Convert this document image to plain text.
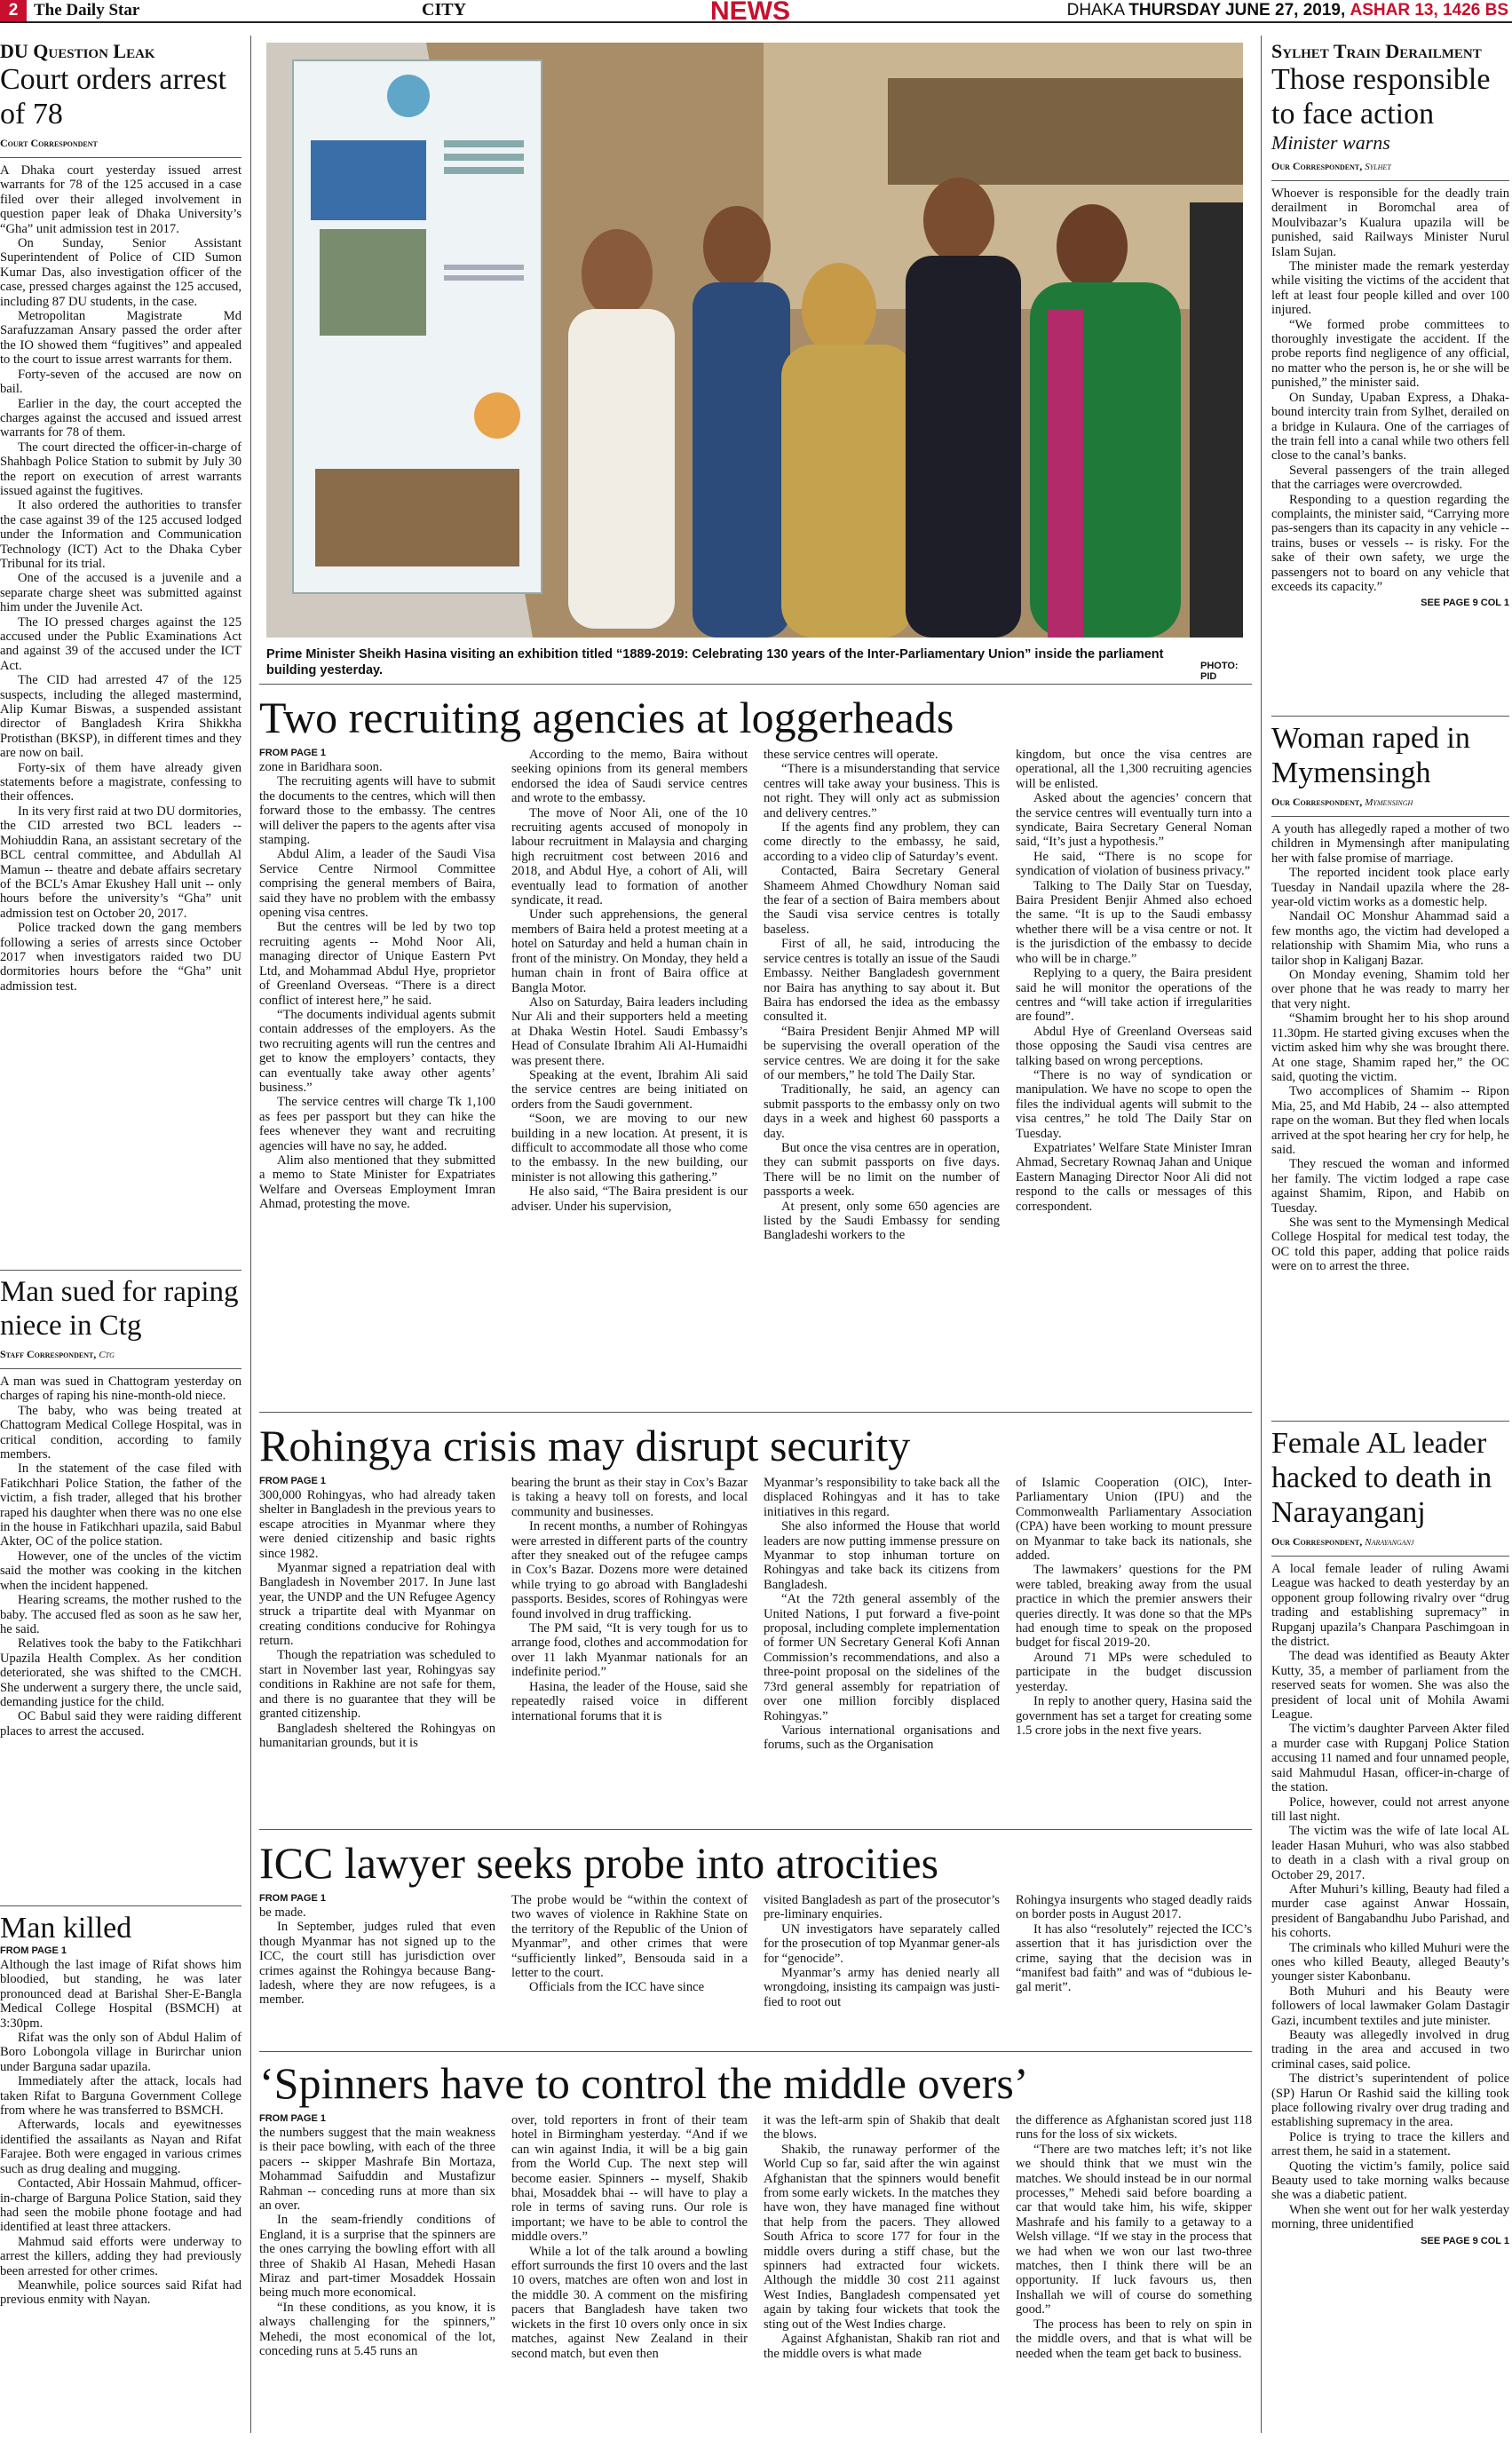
2 The Daily Star	CITY	NEWS	DHAKA THURSDAY JUNE 27, 2019, ASHAR 13, 1426 BS
DU Question Leak
Court orders arrest of 78
Court Correspondent

A Dhaka court yesterday issued arrest warrants for 78 of the 125 accused in a case filed over their alleged involvement in question paper leak of Dhaka University’s “Gha” unit admission test in 2017.

On Sunday, Senior Assistant Superintendent of Police of CID Sumon Kumar Das, also investigation officer of the case, pressed charges against the 125 accused, including 87 DU students, in the case.

Metropolitan Magistrate Md Sarafuzzaman Ansary passed the order after the IO showed them “fugitives” and appealed to the court to issue arrest warrants for them.

Forty-seven of the accused are now on bail.

Earlier in the day, the court accepted the charges against the accused and issued arrest warrants for 78 of them.

The court directed the officer-in-charge of Shahbagh Police Station to submit by July 30 the report on execution of arrest warrants issued against the fugitives.

It also ordered the authorities to transfer the case against 39 of the 125 accused lodged under the Information and Communication Technology (ICT) Act to the Dhaka Cyber Tribunal for its trial.

One of the accused is a juvenile and a separate charge sheet was submitted against him under the Juvenile Act.

The IO pressed charges against the 125 accused under the Public Examinations Act and against 39 of the accused under the ICT Act.

The CID had arrested 47 of the 125 suspects, including the alleged mastermind, Alip Kumar Biswas, a suspended assistant director of Bangladesh Krira Shikkha Protisthan (BKSP), in different times and they are now on bail.

Forty-six of them have already given statements before a magistrate, confessing to their offences.

In its very first raid at two DU dormitories, the CID arrested two BCL leaders -- Mohiuddin Rana, an assistant secretary of the BCL central committee, and Abdullah Al Mamun -- theatre and debate affairs secretary of the BCL’s Amar Ekushey Hall unit -- only hours before the university’s “Gha” unit admission test on October 20, 2017.

Police tracked down the gang members following a series of arrests since October 2017 when investigators raided two DU dormitories hours before the “Gha” unit admission test.

Man sued for raping niece in Ctg
Staff Correspondent, Ctg

A man was sued in Chattogram yesterday on charges of raping his nine-month-old niece.

The baby, who was being treated at Chattogram Medical College Hospital, was in critical condition, according to family members.

In the statement of the case filed with Fatikchhari Police Station, the father of the victim, a fish trader, alleged that his brother raped his daughter when there was no one else in the house in Fatikchhari upazila, said Babul Akter, OC of the police station.

However, one of the uncles of the victim said the mother was cooking in the kitchen when the incident happened.

Hearing screams, the mother rushed to the baby. The accused fled as soon as he saw her, he said.

Relatives took the baby to the Fatikchhari Upazila Health Complex. As her condition deteriorated, she was shifted to the CMCH. She underwent a surgery there, the uncle said, demanding justice for the child.

OC Babul said they were raiding different places to arrest the accused.

Man killed
FROM PAGE 1

Although the last image of Rifat shows him bloodied, but standing, he was later pronounced dead at Barishal Sher-E-Bangla Medical College Hospital (BSMCH) at 3:30pm.

Rifat was the only son of Abdul Halim of Boro Lobongola village in Burirchar union under Barguna sadar upazila.

Immediately after the attack, locals had taken Rifat to Barguna Government College from where he was transferred to BSMCH.

Afterwards, locals and eyewitnesses identified the assailants as Nayan and Rifat Farajee. Both were engaged in various crimes such as drug dealing and mugging.

Contacted, Abir Hossain Mahmud, officer-in-charge of Barguna Police Station, said they had seen the mobile phone footage and had identified at least three attackers.

Mahmud said efforts were underway to arrest the killers, adding they had previously been arrested for other crimes.

Meanwhile, police sources said Rifat had previous enmity with Nayan.

Prime Minister Sheikh Hasina visiting an exhibition titled “1889-2019: Celebrating 130 years of the Inter-Parliamentary Union” inside the parliament building yesterday.	PHOTO:
PID
Two recruiting agencies at loggerheads
FROM PAGE 1

zone in Baridhara soon.

The recruiting agents will have to submit the documents to the centres, which will then forward those to the embassy. The centres will deliver the papers to the agents after visa stamping.

Abdul Alim, a leader of the Saudi Visa Service Centre Nirmool Committee comprising the general members of Baira, said they have no problem with the embassy opening visa centres.

But the centres will be led by two top recruiting agents -- Mohd Noor Ali, managing director of Unique Eastern Pvt Ltd, and Mohammad Abdul Hye, proprietor of Greenland Overseas. “There is a direct conflict of interest here,” he said.

“The documents individual agents submit contain addresses of the employers. As the two recruiting agents will run the centres and get to know the employers’ contacts, they can eventually take away other agents’ business.”

The service centres will charge Tk 1,100 as fees per passport but they can hike the fees whenever they want and recruiting agencies will have no say, he added.

Alim also mentioned that they submitted a memo to State Minister for Expatriates Welfare and Overseas Employment Imran Ahmad, protesting the move.

According to the memo, Baira without seeking opinions from its general members endorsed the idea of Saudi service centres and wrote to the embassy.

The move of Noor Ali, one of the 10 recruiting agents accused of monopoly in labour recruitment in Malaysia and charging high recruitment cost between 2016 and 2018, and Abdul Hye, a cohort of Ali, will eventually lead to formation of another syndicate, it read.

Under such apprehensions, the general members of Baira held a protest meeting at a hotel on Saturday and held a human chain in front of the ministry. On Monday, they held a human chain in front of Baira office at Bangla Motor.

Also on Saturday, Baira leaders including Nur Ali and their supporters held a meeting at Dhaka Westin Hotel. Saudi Embassy’s Head of Consulate Ibrahim Ali Al-Humaidhi was present there.

Speaking at the event, Ibrahim Ali said the service centres are being initiated on orders from the Saudi government.

“Soon, we are moving to our new building in a new location. At present, it is difficult to accommodate all those who come to the embassy. In the new building, our minister is not allowing this gathering.”

He also said, “The Baira president is our adviser. Under his supervision,

these service centres will operate.

“There is a misunderstanding that service centres will take away your business. This is not right. They will only act as submission and delivery centres.”

If the agents find any problem, they can come directly to the embassy, he said, according to a video clip of Saturday’s event.

Contacted, Baira Secretary General Shameem Ahmed Chowdhury Noman said the fear of a section of Baira members about the Saudi visa service centres is totally baseless.

First of all, he said, introducing the service centres is totally an issue of the Saudi Embassy. Neither Bangladesh government nor Baira has anything to say about it. But Baira has endorsed the idea as the embassy consulted it.

“Baira President Benjir Ahmed MP will be supervising the overall operation of the service centres. We are doing it for the sake of our members,” he told The Daily Star.

Traditionally, he said, an agency can submit passports to the embassy only on two days in a week and highest 60 passports a day.

But once the visa centres are in operation, they can submit passports on five days. There will be no limit on the number of passports a week.

At present, only some 650 agencies are listed by the Saudi Embassy for sending Bangladeshi workers to the

kingdom, but once the visa centres are operational, all the 1,300 recruiting agencies will be enlisted.

Asked about the agencies’ concern that the service centres will eventually turn into a syndicate, Baira Secretary General Noman said, “It’s just a hypothesis.”

He said, “There is no scope for syndication of violation of business privacy.”

Talking to The Daily Star on Tuesday, Baira President Benjir Ahmed also echoed the same. “It is up to the Saudi embassy whether there will be a visa centre or not. It is the jurisdiction of the embassy to decide who will be in charge.”

Replying to a query, the Baira president said he will monitor the operations of the centres and “will take action if irregularities are found”.

Abdul Hye of Greenland Overseas said those opposing the Saudi visa centres are talking based on wrong perceptions.

“There is no way of syndication or manipulation. We have no scope to open the files the individual agents will submit to the visa centres,” he told The Daily Star on Tuesday.

Expatriates’ Welfare State Minister Imran Ahmad, Secretary Rownaq Jahan and Unique Eastern Managing Director Noor Ali did not respond to the calls or messages of this correspondent.

Rohingya crisis may disrupt security
FROM PAGE 1

300,000 Rohingyas, who had already taken shelter in Bangladesh in the previous years to escape atrocities in Myanmar where they were denied citizenship and basic rights since 1982.

Myanmar signed a repatriation deal with Bangladesh in November 2017. In June last year, the UNDP and the UN Refugee Agency struck a tripartite deal with Myanmar on creating conditions conducive for Rohingya return.

Though the repatriation was scheduled to start in November last year, Rohingyas say conditions in Rakhine are not safe for them, and there is no guarantee that they will be granted citizenship.

Bangladesh sheltered the Rohingyas on humanitarian grounds, but it is

bearing the brunt as their stay in Cox’s Bazar is taking a heavy toll on forests, and local community and businesses.

In recent months, a number of Rohingyas were arrested in different parts of the country after they sneaked out of the refugee camps in Cox’s Bazar. Dozens more were detained while trying to go abroad with Bangladeshi passports. Besides, scores of Rohingyas were found involved in drug trafficking.

The PM said, “It is very tough for us to arrange food, clothes and accommodation for over 11 lakh Myanmar nationals for an indefinite period.”

Hasina, the leader of the House, said she repeatedly raised voice in different international forums that it is

Myanmar’s responsibility to take back all the displaced Rohingyas and it has to take initiatives in this regard.

She also informed the House that world leaders are now putting immense pressure on Myanmar to stop inhuman torture on Rohingyas and take back its citizens from Bangladesh.

“At the 72th general assembly of the United Nations, I put forward a five-point proposal, including complete implementation of former UN Secretary General Kofi Annan Commission’s recommendations, and also a three-point proposal on the sidelines of the 73rd general assembly for repatriation of over one million forcibly displaced Rohingyas.”

Various international organisations and forums, such as the Organisation

of Islamic Cooperation (OIC), Inter-Parliamentary Union (IPU) and the Commonwealth Parliamentary Association (CPA) have been working to mount pressure on Myanmar to take back its nationals, she added.

The lawmakers’ questions for the PM were tabled, breaking away from the usual practice in which the premier answers their queries directly. It was done so that the MPs had enough time to speak on the proposed budget for fiscal 2019-20.

Around 71 MPs were scheduled to participate in the budget discussion yesterday.

In reply to another query, Hasina said the government has set a target for creating some 1.5 crore jobs in the next five years.

ICC lawyer seeks probe into atrocities
FROM PAGE 1

be made.

In September, judges ruled that even though Myanmar has not signed up to the ICC, the court still has jurisdiction over crimes against the Rohingya because Bang-ladesh, where they are now refugees, is a member.

The probe would be “within the context of two waves of violence in Rakhine State on the territory of the Republic of the Union of Myanmar”, and other crimes that were “sufficiently linked”, Bensouda said in a letter to the court.

Officials from the ICC have since

visited Bangladesh as part of the prosecutor’s pre-liminary enquiries.

UN investigators have separately called for the prosecution of top Myanmar gener-als for “genocide”.

Myanmar’s army has denied nearly all wrongdoing, insisting its campaign was justi-fied to root out

Rohingya insurgents who staged deadly raids on border posts in August 2017.

It has also “resolutely” rejected the ICC’s assertion that it has jurisdiction over the crime, saying that the decision was in “manifest bad faith” and was of “dubious le-gal merit”.

‘Spinners have to control the middle overs’
FROM PAGE 1

the numbers suggest that the main weakness is their pace bowling, with each of the three pacers -- skipper Mashrafe Bin Mortaza, Mohammad Saifuddin and Mustafizur Rahman -- conceding runs at more than six an over.

In the seam-friendly conditions of England, it is a surprise that the spinners are the ones carrying the bowling effort with all three of Shakib Al Hasan, Mehedi Hasan Miraz and part-timer Mosaddek Hossain being much more economical.

“In these conditions, as you know, it is always challenging for the spinners,” Mehedi, the most economical of the lot, conceding runs at 5.45 runs an

over, told reporters in front of their team hotel in Birmingham yesterday. “And if we can win against India, it will be a big gain from the World Cup. The next step will become easier. Spinners -- myself, Shakib bhai, Mosaddek bhai -- will have to play a role in terms of saving runs. Our role is important; we have to be able to control the middle overs.”

While a lot of the talk around a bowling effort surrounds the first 10 overs and the last 10 overs, matches are often won and lost in the middle 30. A comment on the misfiring pacers that Bangladesh have taken two wickets in the first 10 overs only once in six matches, against New Zealand in their second match, but even then

it was the left-arm spin of Shakib that dealt the blows.

Shakib, the runaway performer of the World Cup so far, said after the win against Afghanistan that the spinners would benefit from some early wickets. In the matches they have won, they have managed fine without that help from the pacers. They allowed South Africa to score 177 for four in the middle overs during a stiff chase, but the spinners had extracted four wickets. Although the middle 30 cost 211 against West Indies, Bangladesh compensated yet again by taking four wickets that took the sting out of the West Indies charge.

Against Afghanistan, Shakib ran riot and the middle overs is what made

the difference as Afghanistan scored just 118 runs for the loss of six wickets.

“There are two matches left; it’s not like we should think that we must win the matches. We should instead be in our normal processes,” Mehedi said before boarding a car that would take him, his wife, skipper Mashrafe and his family to a getaway to a Welsh village. “If we stay in the process that we had when we won our last two-three matches, then I think there will be an opportunity. If luck favours us, then Inshallah we will of course do something good.”

The process has been to rely on spin in the middle overs, and that is what will be needed when the team get back to business.

Sylhet Train Derailment
Those responsible to face action
Minister warns
Our Correspondent, Sylhet

Whoever is responsible for the deadly train derailment in Boromchal area of Moulvibazar’s Kualura upazila will be punished, said Railways Minister Nurul Islam Sujan.

The minister made the remark yesterday while visiting the victims of the accident that left at least four people killed and over 100 injured.

“We formed probe committees to thoroughly investigate the accident. If the probe reports find negligence of any official, no matter who the person is, he or she will be punished,” the minister said.

On Sunday, Upaban Express, a Dhaka-bound intercity train from Sylhet, derailed on a bridge in Kulaura. One of the carriages of the train fell into a canal while two others fell close to the canal’s banks.

Several passengers of the train alleged that the carriages were overcrowded.

Responding to a question regarding the complaints, the minister said, “Carrying more pas-sengers than its capacity in any vehicle -- trains, buses or vessels -- is risky. For the sake of their own safety, we urge the passengers not to board on any vehicle that exceeds its capacity.”

SEE PAGE 9 COL 1
Woman raped in Mymensingh
Our Correspondent, Mymensingh

A youth has allegedly raped a mother of two children in Mymensingh after manipulating her with false promise of marriage.

The reported incident took place early Tuesday in Nandail upazila where the 28-year-old victim works as a domestic help.

Nandail OC Monshur Ahammad said a few months ago, the victim had developed a relationship with Shamim Mia, who runs a tailor shop in Kaliganj Bazar.

On Monday evening, Shamim told her over phone that he was ready to marry her that very night.

“Shamim brought her to his shop around 11.30pm. He started giving excuses when the victim asked him why she was brought there. At one stage, Shamim raped her,” the OC said, quoting the victim.

Two accomplices of Shamim -- Ripon Mia, 25, and Md Habib, 24 -- also attempted rape on the woman. But they fled when locals arrived at the spot hearing her cry for help, he said.

They rescued the woman and informed her family. The victim lodged a rape case against Shamim, Ripon, and Habib on Tuesday.

She was sent to the Mymensingh Medical College Hospital for medical test today, the OC told this paper, adding that police raids were on to arrest the three.

Female AL leader hacked to death in Narayanganj
Our Correspondent, Narayanganj

A local female leader of ruling Awami League was hacked to death yesterday by an opponent group following rivalry over “drug trading and establishing supremacy” in Rupganj upazila’s Chanpara Paschimgoan in the district.

The dead was identified as Beauty Akter Kutty, 35, a member of parliament from the reserved seats for women. She was also the president of local unit of Mohila Awami League.

The victim’s daughter Parveen Akter filed a murder case with Rupganj Police Station accusing 11 named and four unnamed people, said Mahmudul Hasan, officer-in-charge of the station.

Police, however, could not arrest anyone till last night.

The victim was the wife of late local AL leader Hasan Muhuri, who was also stabbed to death in a clash with a rival group on October 29, 2017.

After Muhuri’s killing, Beauty had filed a murder case against Anwar Hossain, president of Bangabandhu Jubo Parishad, and his cohorts.

The criminals who killed Muhuri were the ones who killed Beauty, alleged Beauty’s younger sister Kabonbanu.

Both Muhuri and his Beauty were followers of local lawmaker Golam Dastagir Gazi, incumbent textiles and jute minister.

Beauty was allegedly involved in drug trading in the area and accused in two criminal cases, said police.

The district’s superintendent of police (SP) Harun Or Rashid said the killing took place following rivalry over drug trading and establishing supremacy in the area.

Police is trying to trace the killers and arrest them, he said in a statement.

Quoting the victim’s family, police said Beauty used to take morning walks because she was a diabetic patient.

When she went out for her walk yesterday morning, three unidentified

SEE PAGE 9 COL 1
